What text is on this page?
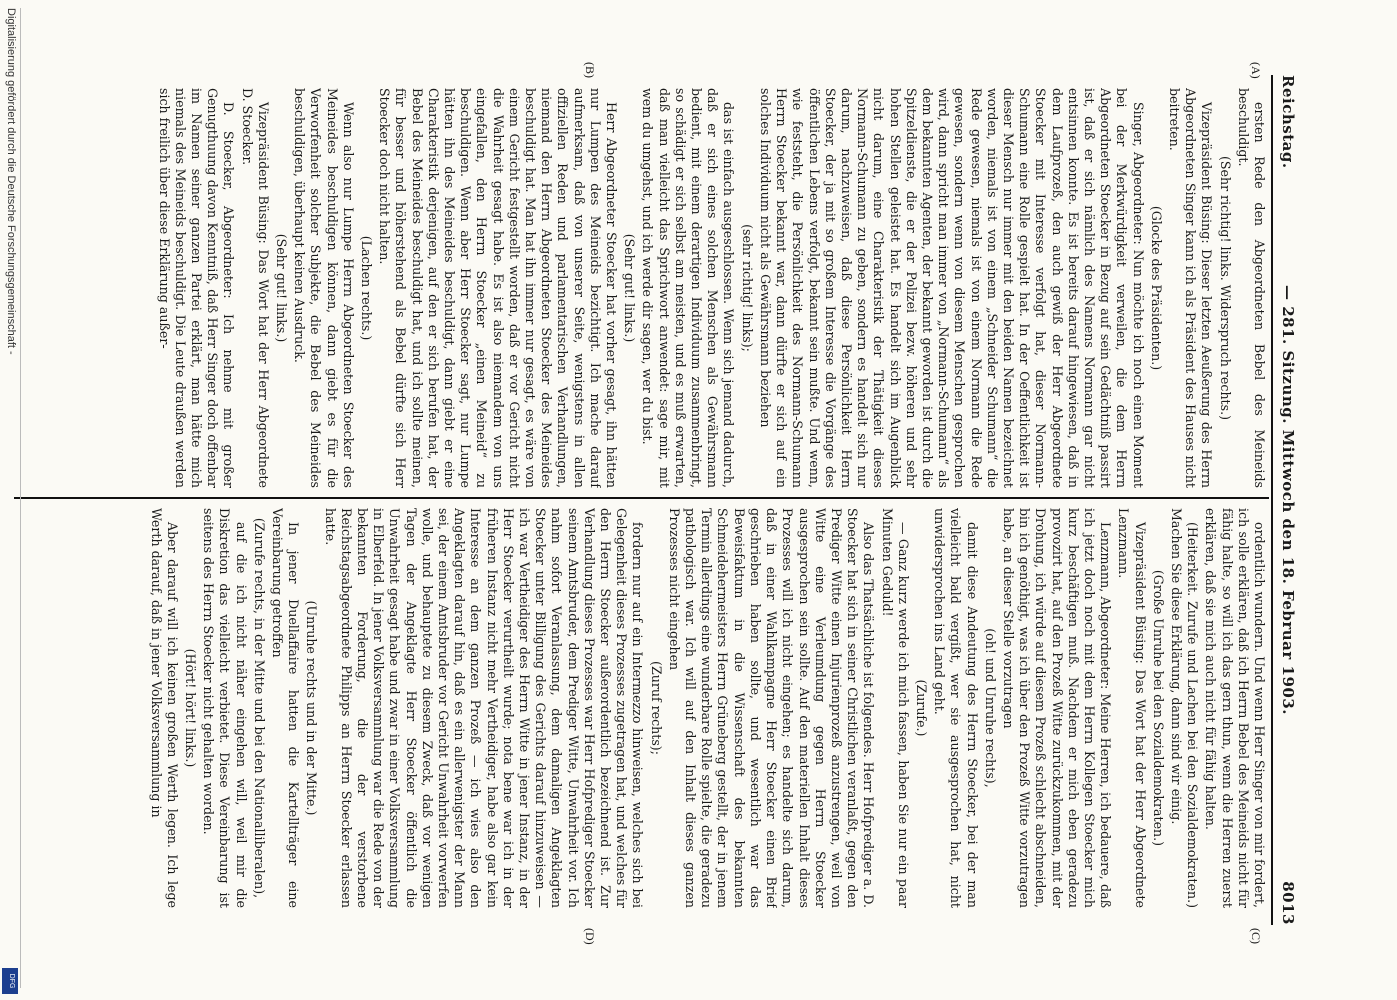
Reichstag.
— 281. Sitzung. Mittwoch den 18. Februar 1903.
8013
(A)
(B)
(C)
(D)

ersten Rede den Abgeordneten Bebel des Meineids beschuldigt.

(Sehr richtig! links. Widerspruch rechts.)

Vizepräsident Büsing: Dieser letzten Aeußerung des Herrn Abgeordneten Singer kann ich als Präsident des Hauses nicht beitreten.

(Glocke des Präsidenten.)

Singer, Abgeordneter: Nun möchte ich noch einen Moment bei der Merkwürdigkeit verweilen, die dem Herrn Abgeordneten Stoecker in Bezug auf sein Gedächtniß passirt ist, daß er sich nämlich des Namens Normann gar nicht entsinnen konnte. Es ist bereits darauf hingewiesen, daß in dem Laufprozeß, den auch gewiß der Herr Abgeordnete Stoecker mit Interesse verfolgt hat, dieser Normann-Schumann eine Rolle gespielt hat. In der Oeffentlichkeit ist dieser Mensch nur immer mit den beiden Namen bezeichnet worden, niemals ist von einem „Schneider Schumann“ die Rede gewesen, niemals ist von einem Normann die Rede gewesen, sondern wenn von diesem Menschen gesprochen wird, dann spricht man immer von „Normann-Schumann“ als dem bekannten Agenten, der bekannt geworden ist durch die Spitzeldienste, die er der Polizei bezw. höheren und sehr hohen Stellen geleistet hat. Es handelt sich im Augenblick nicht darum, eine Charakteristik der Thätigkeit dieses Normann-Schumann zu geben, sondern es handelt sich nur darum, nachzuweisen, daß diese Persönlichkeit Herrn Stoecker, der ja mit so großem Interesse die Vorgänge des öffentlichen Lebens verfolgt, bekannt sein mußte. Und wenn, wie feststeht, die Persönlichkeit des Normann-Schumann Herrn Stoecker bekannt war, dann dürfte er sich auf ein solches Individuum nicht als Gewährsmann beziehen

(sehr richtig! links);

das ist einfach ausgeschlossen. Wenn sich jemand dadurch, daß er sich eines solchen Menschen als Gewährsmann bedient, mit einem derartigen Individuum zusammenbringt, so schädigt er sich selbst am meisten, und es muß erwarten, daß man vielleicht das Sprichwort anwendet: sage mir, mit wem du umgehst, und ich werde dir sagen, wer du bist.

(Sehr gut! links.)

Herr Abgeordneter Stoecker hat vorher gesagt, ihn hätten nur Lumpen des Meineids bezichtigt. Ich mache darauf aufmerksam, daß von unserer Seite, wenigstens in allen offiziellen Reden und parlamentarischen Verhandlungen, niemand den Herrn Abgeordneten Stoecker des Meineides beschuldigt hat. Man hat ihn immer nur gesagt, es wäre von einem Gericht festgestellt worden, daß er vor Gericht nicht die Wahrheit gesagt habe. Es ist also niemandem von uns eingefallen, den Herrn Stoecker „einen Meineid“ zu beschuldigen. Wenn aber Herr Stoecker sagt, nur Lumpe hätten ihn des Meineides beschuldigt, dann giebt er eine Charakteristik derjenigen, auf den er sich berufen hat, der Bebel des Meineides beschuldigt hat, und ich sollte meinen, für besser und höherstehend als Bebel dürfte sich Herr Stoecker doch nicht halten.

(Lachen rechts.)

Wenn also nur Lumpe Herrn Abgeordneten Stoecker des Meineides beschuldigen können, dann giebt es für die Verworfenheit solcher Subjekte, die Bebel des Meineides beschuldigen, überhaupt keinen Ausdruck.

(Sehr gut! links.)

Vizepräsident Büsing: Das Wort hat der Herr Abgeordnete D. Stoecker.

D. Stoecker, Abgeordneter: Ich nehme mit großer Genugthuung davon Kenntniß, daß Herr Singer doch offenbar im Namen seiner ganzen Partei erklärt, man hätte mich niemals des Meineids beschuldigt. Die Leute draußen werden sich freilich über diese Erklärung außer-

ordentlich wundern. Und wenn Herr Singer von mir fordert, ich solle erklären, daß ich Herrn Bebel des Meineids nicht für fähig halte, so will ich das gern thun, wenn die Herren zuerst erklären, daß sie mich auch nicht für fähig halten.

(Heiterkeit. Zurufe und Lachen bei den Sozialdemokraten.) Machen Sie diese Erklärung, dann sind wir einig.

(Große Unruhe bei den Sozialdemokraten.)

Vizepräsident Büsing: Das Wort hat der Herr Abgeordnete Lenzmann.

Lenzmann, Abgeordneter: Meine Herren, ich bedauere, daß ich jetzt doch noch mit dem Herrn Kollegen Stoecker mich kurz beschäftigen muß. Nachdem er mich eben geradezu provozirt hat, auf den Prozeß Witte zurückzukommen, mit der Drohung, ich würde auf diesem Prozeß schlecht abschneiden, bin ich genöthigt, was ich über den Prozeß Witte vorzutragen habe, an dieser Stelle vorzutragen

(oh! und Unruhe rechts),

damit diese Andeutung des Herrn Stoecker, bei der man vielleicht bald vergißt, wer sie ausgesprochen hat, nicht unwidersprochen ins Land geht.

(Zurufe.)

— Ganz kurz werde ich mich fassen, haben Sie nur ein paar Minuten Geduld!

Also das Thatsächliche ist folgendes. Herr Hofprediger a. D. Stoecker hat sich in seiner Christlichen veranlaßt, gegen den Prediger Witte einen Injurienprozeß anzustrengen, weil von Witte eine Verleumdung gegen Herrn Stoecker ausgesprochen sein sollte. Auf den materiellen Inhalt dieses Prozesses will ich nicht eingehen; es handelte sich darum, daß in einer Wahlkampagne Herr Stoecker einen Brief geschrieben haben sollte, und wesentlich war das Beweisfaktum in die Wissenschaft des bekannten Schmeidehermeisters Herrn Grüneberg gestellt, der in jenem Termin allerdings eine wunderbare Rolle spielte, die geradezu pathologisch war. Ich will auf den Inhalt dieses ganzen Prozesses nicht eingehen

(Zuruf rechts);

fordern nur auf ein Intermezzo hinweisen, welches sich bei Gelegenheit dieses Prozesses zugetragen hat, und welches für den Herrn Stoecker außerordentlich bezeichnend ist. Zur Verhandlung dieses Prozesses war Herr Hofprediger Stoecker seinem Amtsbruder, dem Prediger Witte, Unwahrheit vor. Ich nahm sofort Veranlassung, dem damaligen Angeklagten Stoecker unter Billigung des Gerichts darauf hinzuweisen — ich war Vertheidiger des Herrn Witte in jener Instanz, in der Herr Stoecker verurtheilt wurde; nota bene war ich in der früheren Instanz nicht mehr Vertheidiger, habe also gar kein Interesse an dem ganzen Prozeß — ich wies also den Angeklagten darauf hin, daß es ein allerwenigster der Mann sei, der einem Amtsbruder vor Gericht Unwahrheit vorwerfen wolle, und behauptete zu diesem Zweck, daß vor wenigen Tagen der Angeklagte Herr Stoecker öffentlich die Unwahrheit gesagt habe und zwar in einer Volksversammlung in Elberfeld. In jener Volksversammlung war die Rede von der bekannten Forderung, die der verstorbene Reichstagsabgeordnete Philipps an Herrn Stoecker erlassen hatte.

(Unruhe rechts und in der Mitte.)

In jener Duellaffaire hatten die Kartellträger eine Vereinbarung getroffen

(Zurufe rechts, in der Mitte und bei den Nationalliberalen),

auf die ich nicht näher eingehen will, weil mir die Diskretion das vielleicht verbietet. Diese Vereinbarung ist seitens des Herrn Stoecker nicht gehalten worden.

(Hört! hört! links.)

Aber darauf will ich keinen großen Werth legen. Ich lege Werth darauf, daß in jener Volksversammlung in

Digitalisierung gefördert durch die Deutsche Forschungsgemeinschaft -
DFG
